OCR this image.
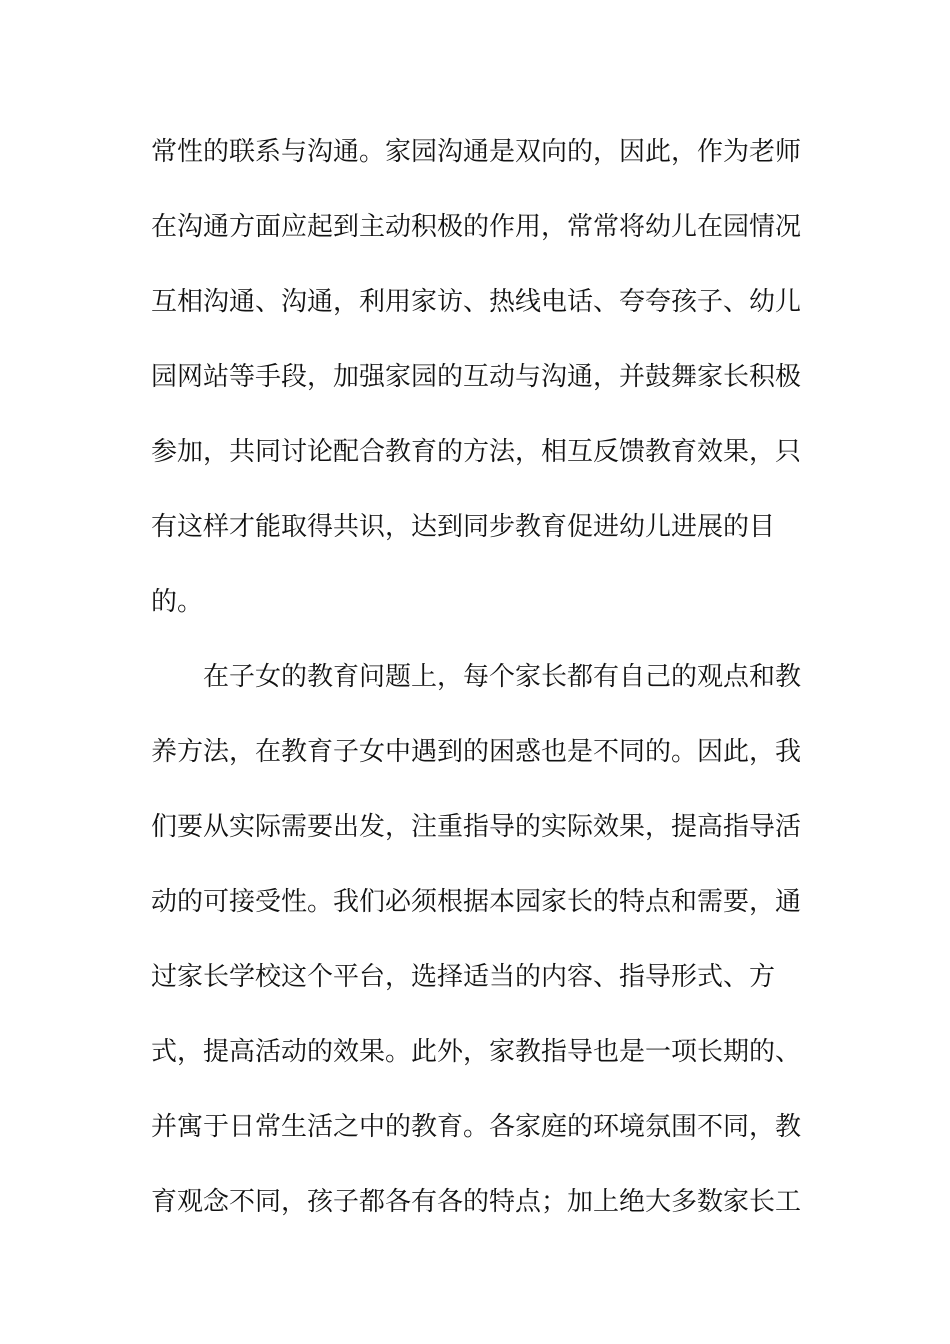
常性的联系与沟通。家园沟通是双向的，因此，作为老师
在沟通方面应起到主动积极的作用，常常将幼儿在园情况
互相沟通、沟通，利用家访、热线电话、夸夸孩子、幼儿
园网站等手段，加强家园的互动与沟通，并鼓舞家长积极
参加，共同讨论配合教育的方法，相互反馈教育效果，只
有这样才能取得共识，达到同步教育促进幼儿进展的目
的。
在子女的教育问题上，每个家长都有自己的观点和教
养方法，在教育子女中遇到的困惑也是不同的。因此，我
们要从实际需要出发，注重指导的实际效果，提高指导活
动的可接受性。我们必须根据本园家长的特点和需要，通
过家长学校这个平台，选择适当的内容、指导形式、方
式，提高活动的效果。此外，家教指导也是一项长期的、
并寓于日常生活之中的教育。各家庭的环境氛围不同，教
育观念不同，孩子都各有各的特点；加上绝大多数家长工
